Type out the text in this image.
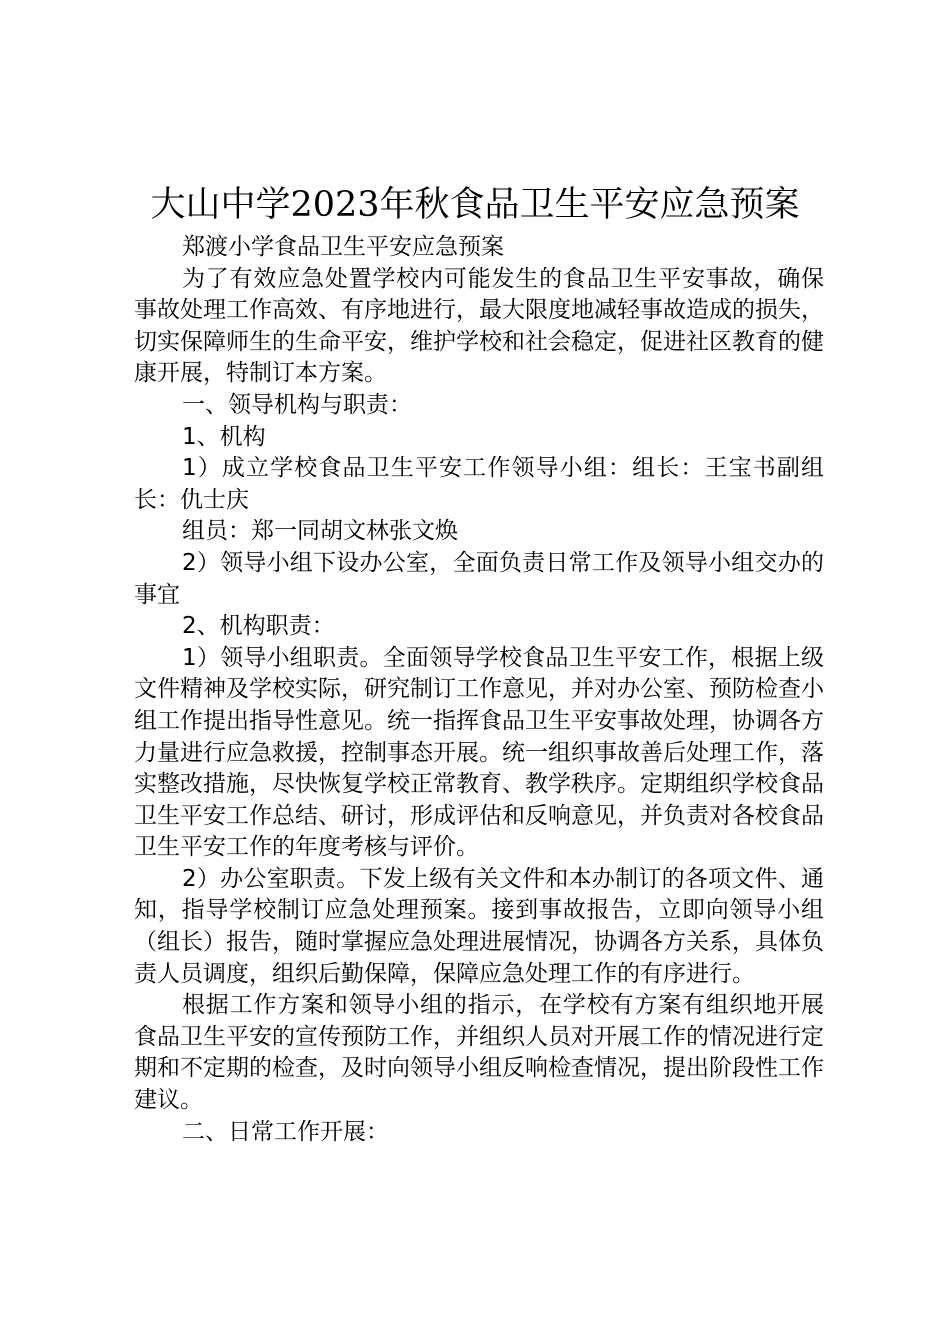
大山中学2023年秋食品卫生平安应急预案

郑渡小学食品卫生平安应急预案

为了有效应急处置学校内可能发生的食品卫生平安事故，确保事故处理工作高效、有序地进行，最大限度地减轻事故造成的损失，切实保障师生的生命平安，维护学校和社会稳定，促进社区教育的健康开展，特制订本方案。

一、领导机构与职责：

1、机构

1）成立学校食品卫生平安工作领导小组：组长：王宝书副组长：仇士庆

组员：郑一同胡文林张文焕

2）领导小组下设办公室，全面负责日常工作及领导小组交办的事宜

2、机构职责：

1）领导小组职责。全面领导学校食品卫生平安工作，根据上级文件精神及学校实际，研究制订工作意见，并对办公室、预防检查小组工作提出指导性意见。统一指挥食品卫生平安事故处理，协调各方力量进行应急救援，控制事态开展。统一组织事故善后处理工作，落实整改措施，尽快恢复学校正常教育、教学秩序。定期组织学校食品卫生平安工作总结、研讨，形成评估和反响意见，并负责对各校食品卫生平安工作的年度考核与评价。

2）办公室职责。下发上级有关文件和本办制订的各项文件、通知，指导学校制订应急处理预案。接到事故报告，立即向领导小组（组长）报告，随时掌握应急处理进展情况，协调各方关系，具体负责人员调度，组织后勤保障，保障应急处理工作的有序进行。

根据工作方案和领导小组的指示，在学校有方案有组织地开展食品卫生平安的宣传预防工作，并组织人员对开展工作的情况进行定期和不定期的检查，及时向领导小组反响检查情况，提出阶段性工作建议。

二、日常工作开展：
